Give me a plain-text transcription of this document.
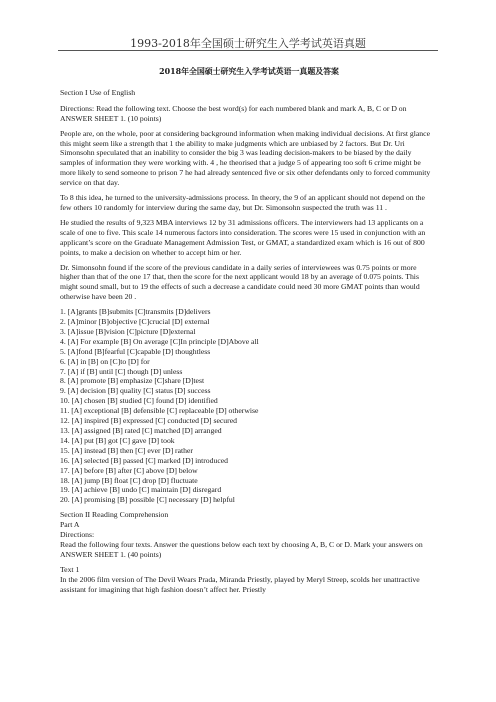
1993-2018年全国硕士研究生入学考试英语真题

2018年全国硕士研究生入学考试英语一真题及答案

Section I Use of English

Directions: Read the following text. Choose the best word(s) for each numbered blank and mark A, B, C or D on ANSWER SHEET 1. (10 points)

People are, on the whole, poor at considering background information when making individual decisions. At first glance this might seem like a strength that 1 the ability to make judgments which are unbiased by 2 factors. But Dr. Uri Simonsohn speculated that an inability to consider the big 3 was leading decision-makers to be biased by the daily samples of information they were working with. 4 , he theorised that a judge 5 of appearing too soft 6 crime might be more likely to send someone to prison 7 he had already sentenced five or six other defendants only to forced community service on that day.

To 8 this idea, he turned to the university-admissions process. In theory, the 9 of an applicant should not depend on the few others 10 randomly for interview during the same day, but Dr. Simonsohn suspected the truth was 11 .

He studied the results of 9,323 MBA interviews 12 by 31 admissions officers. The interviewers had 13 applicants on a scale of one to five. This scale 14 numerous factors into consideration. The scores were 15 used in conjunction with an applicant’s score on the Graduate Management Admission Test, or GMAT, a standardized exam which is 16 out of 800 points, to make a decision on whether to accept him or her.

Dr. Simonsohn found if the score of the previous candidate in a daily series of interviewees was 0.75 points or more higher than that of the one 17 that, then the score for the next applicant would 18 by an average of 0.075 points. This might sound small, but to 19 the effects of such a decrease a candidate could need 30 more GMAT points than would otherwise have been 20 .

1. [A]grants [B]submits [C]transmits [D]delivers

2. [A]minor [B]objective [C]crucial [D] external

3. [A]issue [B]vision [C]picture [D]external

4. [A] For example [B] On average [C]In principle [D]Above all

5. [A]fond [B]fearful [C]capable [D] thoughtless

6. [A] in [B] on [C]to [D] for

7. [A] if [B] until [C] though [D] unless

8. [A] promote [B] emphasize [C]share [D]test

9. [A] decision [B] quality [C] status [D] success

10. [A] chosen [B] studied [C] found [D] identified

11. [A] exceptional [B] defensible [C] replaceable [D] otherwise

12. [A] inspired [B] expressed [C] conducted [D] secured

13. [A] assigned [B] rated [C] matched [D] arranged

14. [A] put [B] got [C] gave [D] took

15. [A] instead [B] then [C] ever [D] rather

16. [A] selected [B] passed [C] marked [D] introduced

17. [A] before [B] after [C] above [D] below

18. [A] jump [B] float [C] drop [D] fluctuate

19. [A] achieve [B] undo [C] maintain [D] disregard

20. [A] promising [B] possible [C] necessary [D] helpful

Section II Reading Comprehension

Part A

Directions:

Read the following four texts. Answer the questions below each text by choosing A, B, C or D. Mark your answers on ANSWER SHEET 1. (40 points)

Text 1

In the 2006 film version of The Devil Wears Prada, Miranda Priestly, played by Meryl Streep, scolds her unattractive assistant for imagining that high fashion doesn’t affect her. Priestly
